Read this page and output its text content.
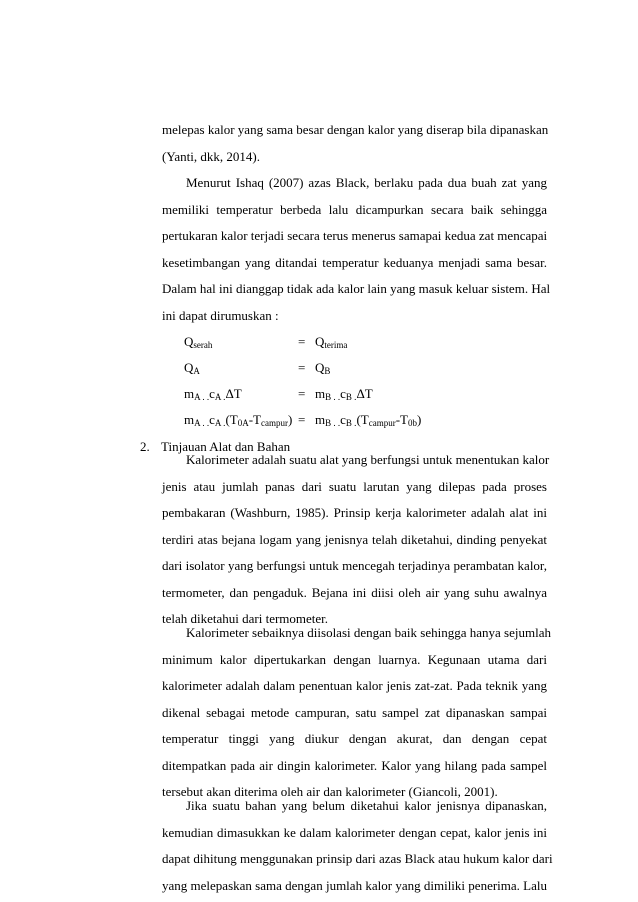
melepas kalor yang sama besar dengan kalor yang diserap bila dipanaskan
(Yanti, dkk, 2014).
Menurut Ishaq (2007) azas Black, berlaku pada dua buah zat yang
memiliki temperatur berbeda lalu dicampurkan secara baik sehingga
pertukaran kalor terjadi secara terus menerus samapai kedua zat mencapai
kesetimbangan yang ditandai temperatur keduanya menjadi sama besar.
Dalam hal ini dianggap tidak ada kalor lain yang masuk keluar sistem. Hal
ini dapat dirumuskan :
$Q_{serah}$	= $Q_{terima}$
$Q_A$	= $Q_B$
$m_{A . .}c_{A .}\Delta T$	= $m_{B . .}c_{B .}\Delta T$
$m_{A . .}c_{A .}(T_{0A}-T_{campur}) = m_{B . .}c_{B .}(T_{campur}-T_{0b})$
2. Tinjauan Alat dan Bahan
Kalorimeter adalah suatu alat yang berfungsi untuk menentukan kalor
jenis atau jumlah panas dari suatu larutan yang dilepas pada proses
pembakaran (Washburn, 1985). Prinsip kerja kalorimeter adalah alat ini
terdiri atas bejana logam yang jenisnya telah diketahui, dinding penyekat
dari isolator yang berfungsi untuk mencegah terjadinya perambatan kalor,
termometer, dan pengaduk. Bejana ini diisi oleh air yang suhu awalnya
telah diketahui dari termometer.
Kalorimeter sebaiknya diisolasi dengan baik sehingga hanya sejumlah
minimum kalor dipertukarkan dengan luarnya. Kegunaan utama dari
kalorimeter adalah dalam penentuan kalor jenis zat-zat. Pada teknik yang
dikenal sebagai metode campuran, satu sampel zat dipanaskan sampai
temperatur tinggi yang diukur dengan akurat, dan dengan cepat
ditempatkan pada air dingin kalorimeter. Kalor yang hilang pada sampel
tersebut akan diterima oleh air dan kalorimeter (Giancoli, 2001).
Jika suatu bahan yang belum diketahui kalor jenisnya dipanaskan,
kemudian dimasukkan ke dalam kalorimeter dengan cepat, kalor jenis ini
dapat dihitung menggunakan prinsip dari azas Black atau hukum kalor dari
yang melepaskan sama dengan jumlah kalor yang dimiliki penerima. Lalu
